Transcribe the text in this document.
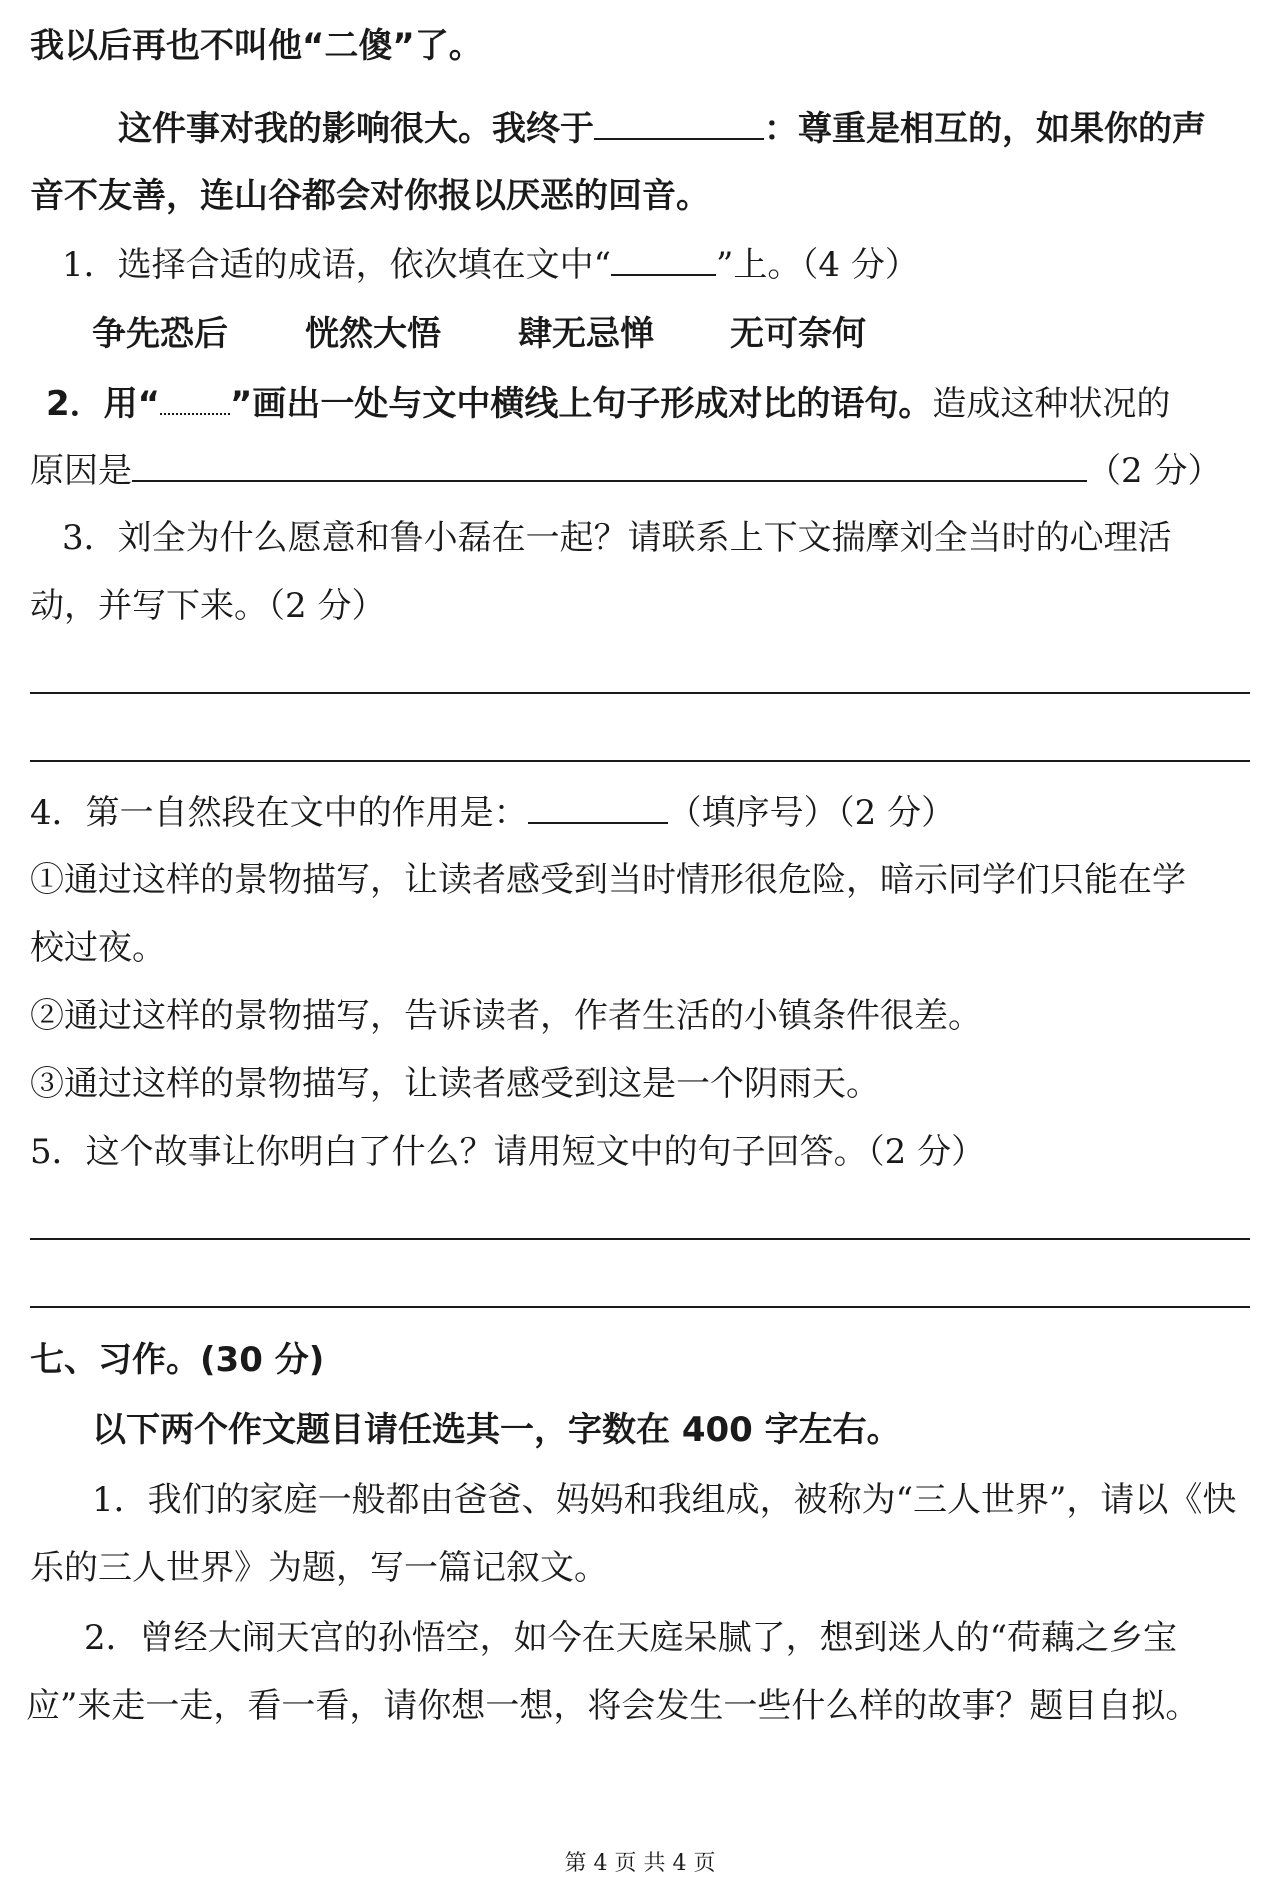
我以后再也不叫他“二傻”了。
这件事对我的影响很大。我终于	：尊重是相互的，如果你的声
音不友善，连山谷都会对你报以厌恶的回音。
1．选择合适的成语，依次填在文中“	”上。（4 分）
争先恐后 恍然大悟 肆无忌惮 无可奈何
2．用“ ”画出一处与文中横线上句子形成对比的语句。造成这种状况的
原因是	（2 分）
3．刘全为什么愿意和鲁小磊在一起？请联系上下文揣摩刘全当时的心理活
动，并写下来。（2 分）
4．第一自然段在文中的作用是：	（填序号）（2 分）
①通过这样的景物描写，让读者感受到当时情形很危险，暗示同学们只能在学
校过夜。
②通过这样的景物描写，告诉读者，作者生活的小镇条件很差。
③通过这样的景物描写，让读者感受到这是一个阴雨天。
5．这个故事让你明白了什么？请用短文中的句子回答。（2 分）
七、习作。(30 分)
以下两个作文题目请任选其一，字数在 400 字左右。
1．我们的家庭一般都由爸爸、妈妈和我组成，被称为“三人世界”，请以《快
乐的三人世界》为题，写一篇记叙文。
2．曾经大闹天宫的孙悟空，如今在天庭呆腻了，想到迷人的“荷藕之乡宝
应”来走一走，看一看，请你想一想，将会发生一些什么样的故事？题目自拟。
第 4 页 共 4 页
